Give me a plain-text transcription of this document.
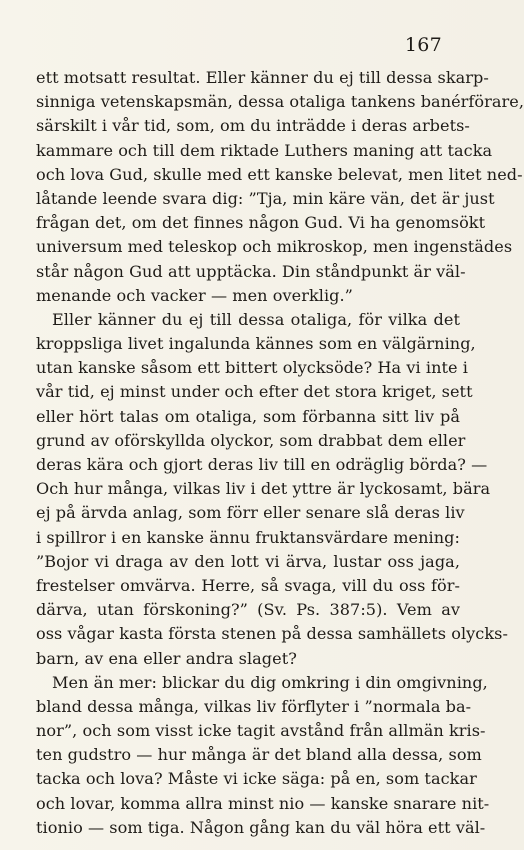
167
ett motsatt resultat. Eller känner du ej till dessa skarp-
sinniga vetenskapsmän, dessa otaliga tankens banérförare,
särskilt i vår tid, som, om du inträdde i deras arbets-
kammare och till dem riktade Luthers maning att tacka
och lova Gud, skulle med ett kanske belevat, men litet ned-
låtande leende svara dig: ”Tja, min käre vän, det är just
frågan det, om det finnes någon Gud. Vi ha genomsökt
universum med teleskop och mikroskop, men ingenstädes
står någon Gud att upptäcka. Din ståndpunkt är väl-
menande och vacker — men overklig.”
Eller känner du ej till dessa otaliga, för vilka det
kroppsliga livet ingalunda kännes som en välgärning,
utan kanske såsom ett bittert olycksöde? Ha vi inte i
vår tid, ej minst under och efter det stora kriget, sett
eller hört talas om otaliga, som förbanna sitt liv på
grund av oförskyllda olyckor, som drabbat dem eller
deras kära och gjort deras liv till en odräglig börda? —
Och hur många, vilkas liv i det yttre är lyckosamt, bära
ej på ärvda anlag, som förr eller senare slå deras liv
i spillror i en kanske ännu fruktansvärdare mening:
”Bojor vi draga av den lott vi ärva, lustar oss jaga,
frestelser omvärva. Herre, så svaga, vill du oss för-
därva, utan förskoning?” (Sv. Ps. 387:5). Vem av
oss vågar kasta första stenen på dessa samhällets olycks-
barn, av ena eller andra slaget?
Men än mer: blickar du dig omkring i din omgivning,
bland dessa många, vilkas liv förflyter i ”normala ba-
nor”, och som visst icke tagit avstånd från allmän kris-
ten gudstro — hur många är det bland alla dessa, som
tacka och lova? Måste vi icke säga: på en, som tackar
och lovar, komma allra minst nio — kanske snarare nit-
tionio — som tiga. Någon gång kan du väl höra ett väl-
